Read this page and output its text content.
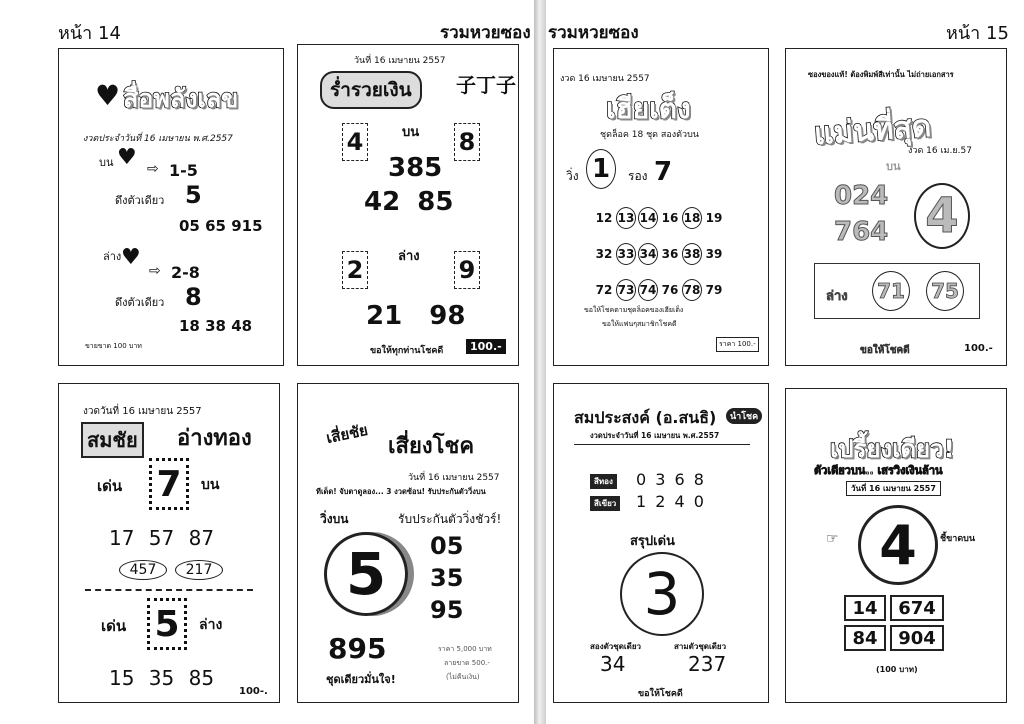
หน้า 14	รวมหวยซอง รวมหวยซอง	หน้า 15
♥ สื่อพลังเลข
งวดประจำวันที่ 16 เมษายน พ.ศ.2557
บน ♥ ⇨ 1-5
ดึงตัวเดียว 5
05 65 915
ล่าง ♥
⇨ 2-8
ดึงตัวเดียว 8
18 38 48
ขายขาด 100 บาท
วันที่ 16 เมษายน 2557
ร่ำรวยเงิน	子丁子
4	บน 8
385
42 85
2	ล่าง 9
21 98
ขอให้ทุกท่านโชคดี	100.-
งวด 16 เมษายน 2557
เฮียเต็ง
ชุดล็อค 18 ชุด สองตัวบน
วิ่ง 1	รอง 7
12 13 14 16 18 19
32 33 34 36 38 39
72 73 74 76 78 79
ขอให้โชคตามชุดล็อคของเฮียเต็ง
ขอให้แฟนๆสมาชิกโชคดี
ราคา 100.-
ซองของแท้! ต้องพิมพ์สีเท่านั้น ไม่ถ่ายเอกสาร
แม่นที่สุด
งวด 16 เม.ย.57
บน
024
764 4
ล่าง 71 75
ขอให้โชคดี	100.-
งวดวันที่ 16 เมษายน 2557
สมชัย อ่างทอง
เด่น 7	บน
17 57 87
457	217
เด่น 5	ล่าง
15 35 85
100-.
เสี่ยชัย เสี่ยงโชค
วันที่ 16 เมษายน 2557
ทีเด็ด! จับตาดูลอง... 3 งวดซ้อน! รับประกันตัววิ่งบน
วิ่งบน	รับประกันตัววิ่งชัวร์!
5	05
35
95
895
ชุดเดียวมั่นใจ!
ราคา 5,000 บาท
ลายขาด 500.-
(ไม่คืนเงิน)
สมประสงค์ (อ.สนธิ)	นำโชค
งวดประจำวันที่ 16 เมษายน พ.ศ.2557
สีทอง 0 3 6 8
สีเขียว 1 2 4 0
สรุปเด่น
3
สองตัวชุดเดียว	สามตัวชุดเดียว
34	237
ขอให้โชคดี
เปรี้ยงเดียว!
ตัวเดียวบน.. เสรวิงเงินล้าน
วันที่ 16 เมษายน 2557
☞ 4	ชี้ขาดบน
14	674
84	904
(100 บาท)
